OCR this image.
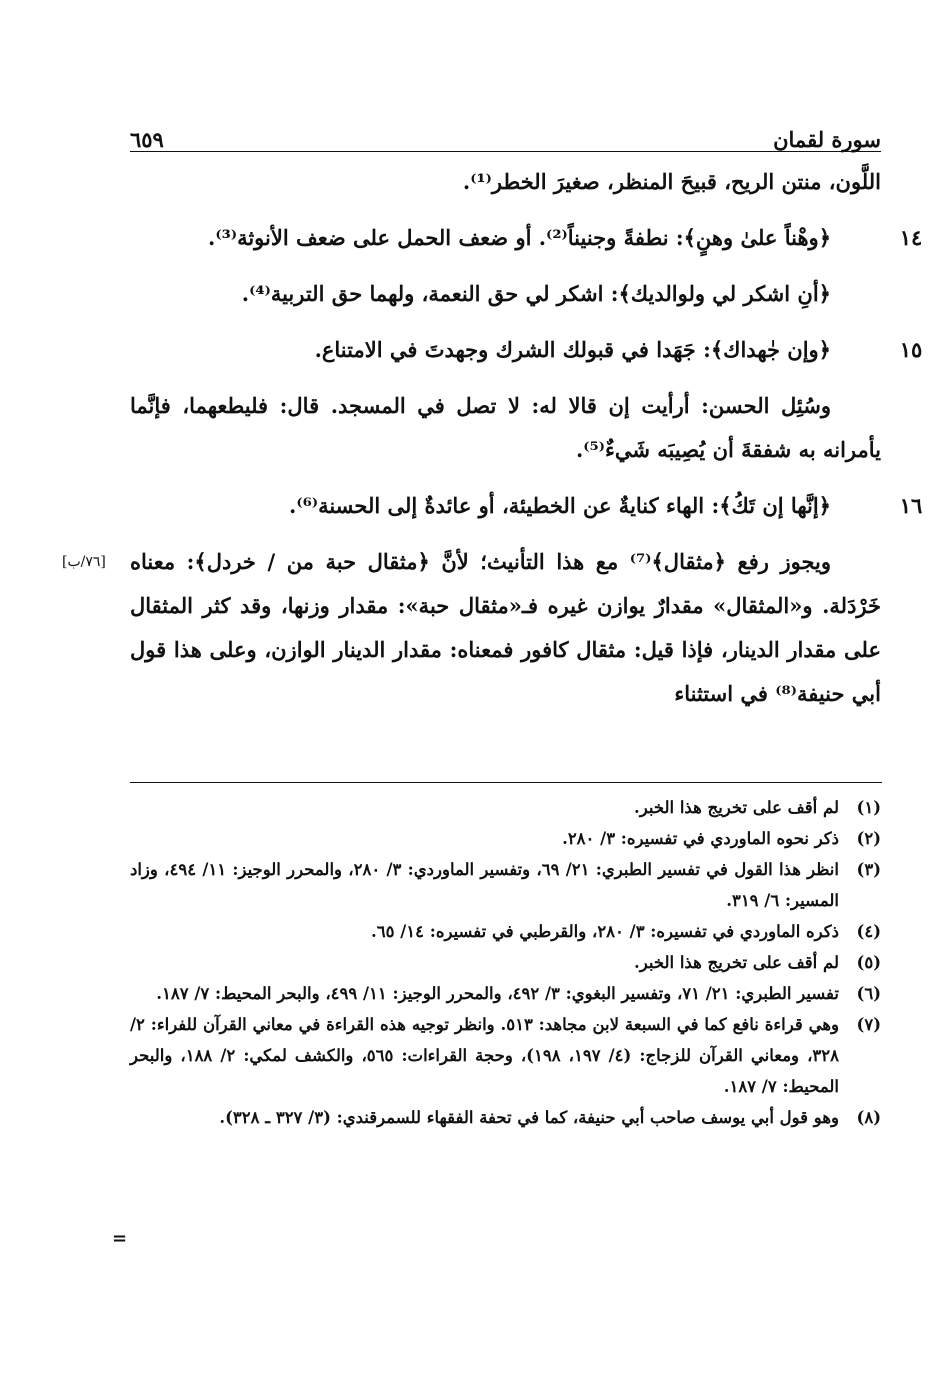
سورة لقمان
٦٥٩
اللَّون، منتن الريح، قبيحَ المنظر، صغيرَ الخطر⁽¹⁾.
١٤
﴿وهْناً علىٰ وهنٍ﴾: نطفةً وجنيناً⁽²⁾. أو ضعف الحمل على ضعف الأنوثة⁽³⁾.
﴿أنِ اشكر لي ولوالديك﴾: اشكر لي حق النعمة، ولهما حق التربية⁽⁴⁾.
١٥
﴿وإن جٰهداك﴾: جَهَدا في قبولك الشرك وجهدتَ في الامتناع.
وسُئِل الحسن: أرأيت إن قالا له: لا تصل في المسجد. قال: فليطعهما، فإنَّما يأمرانه به شفقةَ أن يُصِيبَه شَيءٌ⁽⁵⁾.
١٦
﴿إنَّها إن تَكُ﴾: الهاء كنايةٌ عن الخطيئة، أو عائدةٌ إلى الحسنة⁽⁶⁾.
[٧٦/ب] ويجوز رفع ﴿مثقال﴾⁽⁷⁾ مع هذا التأنيث؛ لأنَّ ﴿مثقال حبة من / خردل﴾: معناه خَرْدَلة. و«المثقال» مقدارٌ يوازن غيره فـ«مثقال حبة»: مقدار وزنها، وقد كثر المثقال على مقدار الدينار، فإذا قيل: مثقال كافور فمعناه: مقدار الدينار الوازن، وعلى هذا قول أبي حنيفة⁽⁸⁾ في استثناء
(١)
لم أقف على تخريج هذا الخبر.
(٢)
ذكر نحوه الماوردي في تفسيره: ٣/ ٢٨٠.
(٣)
انظر هذا القول في تفسير الطبري: ٢١/ ٦٩، وتفسير الماوردي: ٣/ ٢٨٠، والمحرر الوجيز: ١١/ ٤٩٤، وزاد المسير: ٦/ ٣١٩.
(٤)
ذكره الماوردي في تفسيره: ٣/ ٢٨٠، والقرطبي في تفسيره: ١٤/ ٦٥.
(٥)
لم أقف على تخريج هذا الخبر.
(٦)
تفسير الطبري: ٢١/ ٧١، وتفسير البغوي: ٣/ ٤٩٢، والمحرر الوجيز: ١١/ ٤٩٩، والبحر المحيط: ٧/ ١٨٧.
(٧)
وهي قراءة نافع كما في السبعة لابن مجاهد: ٥١٣. وانظر توجيه هذه القراءة في معاني القرآن للفراء: ٢/ ٣٢٨، ومعاني القرآن للزجاج: (٤/ ١٩٧، ١٩٨)، وحجة القراءات: ٥٦٥، والكشف لمكي: ٢/ ١٨٨، والبحر المحيط: ٧/ ١٨٧.
(٨)
وهو قول أبي يوسف صاحب أبي حنيفة، كما في تحفة الفقهاء للسمرقندي: (٣/ ٣٢٧ ـ ٣٢٨).
=
